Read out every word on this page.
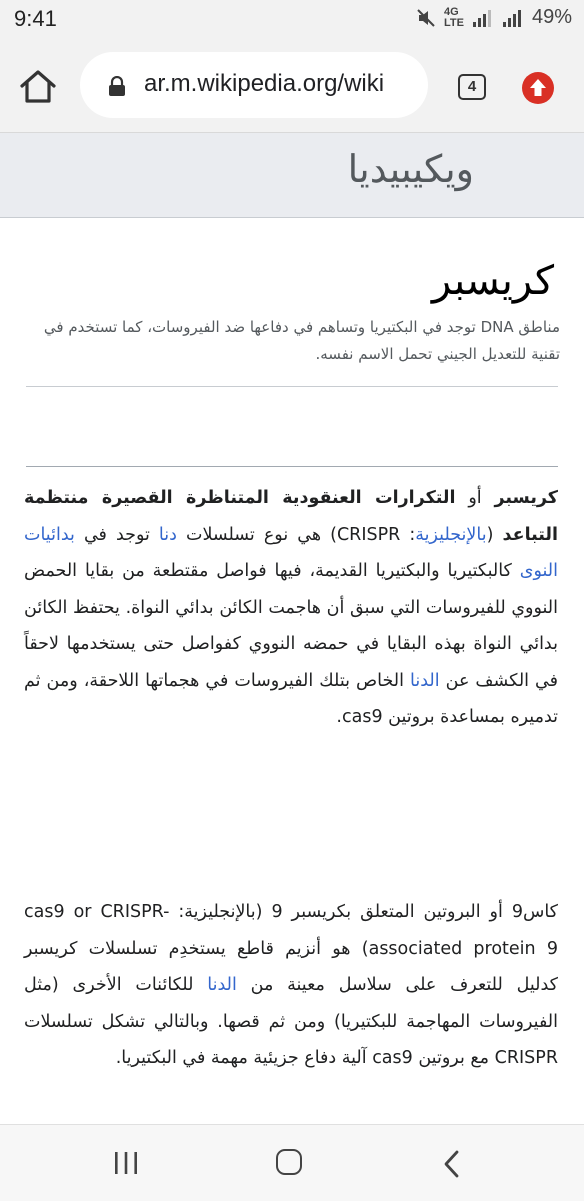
9:41	4G
LTE	49%
ar.m.wikipedia.org/wiki	4
ويكيبيديا
كريسبر
مناطق DNA توجد في البكتيريا وتساهم في دفاعها ضد الفيروسات، كما تستخدم في تقنية للتعديل الجيني تحمل الاسم نفسه.
كريسبر أو التكرارات العنقودية المتناظرة القصيرة منتظمة التباعد (بالإنجليزية: CRISPR) هي نوع تسلسلات دنا توجد في بدائيات النوى كالبكتيريا والبكتيريا القديمة، فيها فواصل مقتطعة من بقايا الحمض النووي للفيروسات التي سبق أن هاجمت الكائن بدائي النواة. يحتفظ الكائن بدائي النواة بهذه البقايا في حمضه النووي كفواصل حتى يستخدمها لاحقاً في الكشف عن الدنا الخاص بتلك الفيروسات في هجماتها اللاحقة، ومن ثم تدميره بمساعدة بروتين cas9.
كاس9 أو البروتين المتعلق بكريسبر 9 (بالإنجليزية: cas9 or CRISPR-associated protein 9) هو أنزيم قاطع يستخدِم تسلسلات كريسبر كدليل للتعرف على سلاسل معينة من الدنا للكائنات الأخرى (مثل الفيروسات المهاجمة للبكتيريا) ومن ثم قصها. وبالتالي تشكل تسلسلات CRISPR مع بروتين cas9 آلية دفاع جزيئية مهمة في البكتيريا.
